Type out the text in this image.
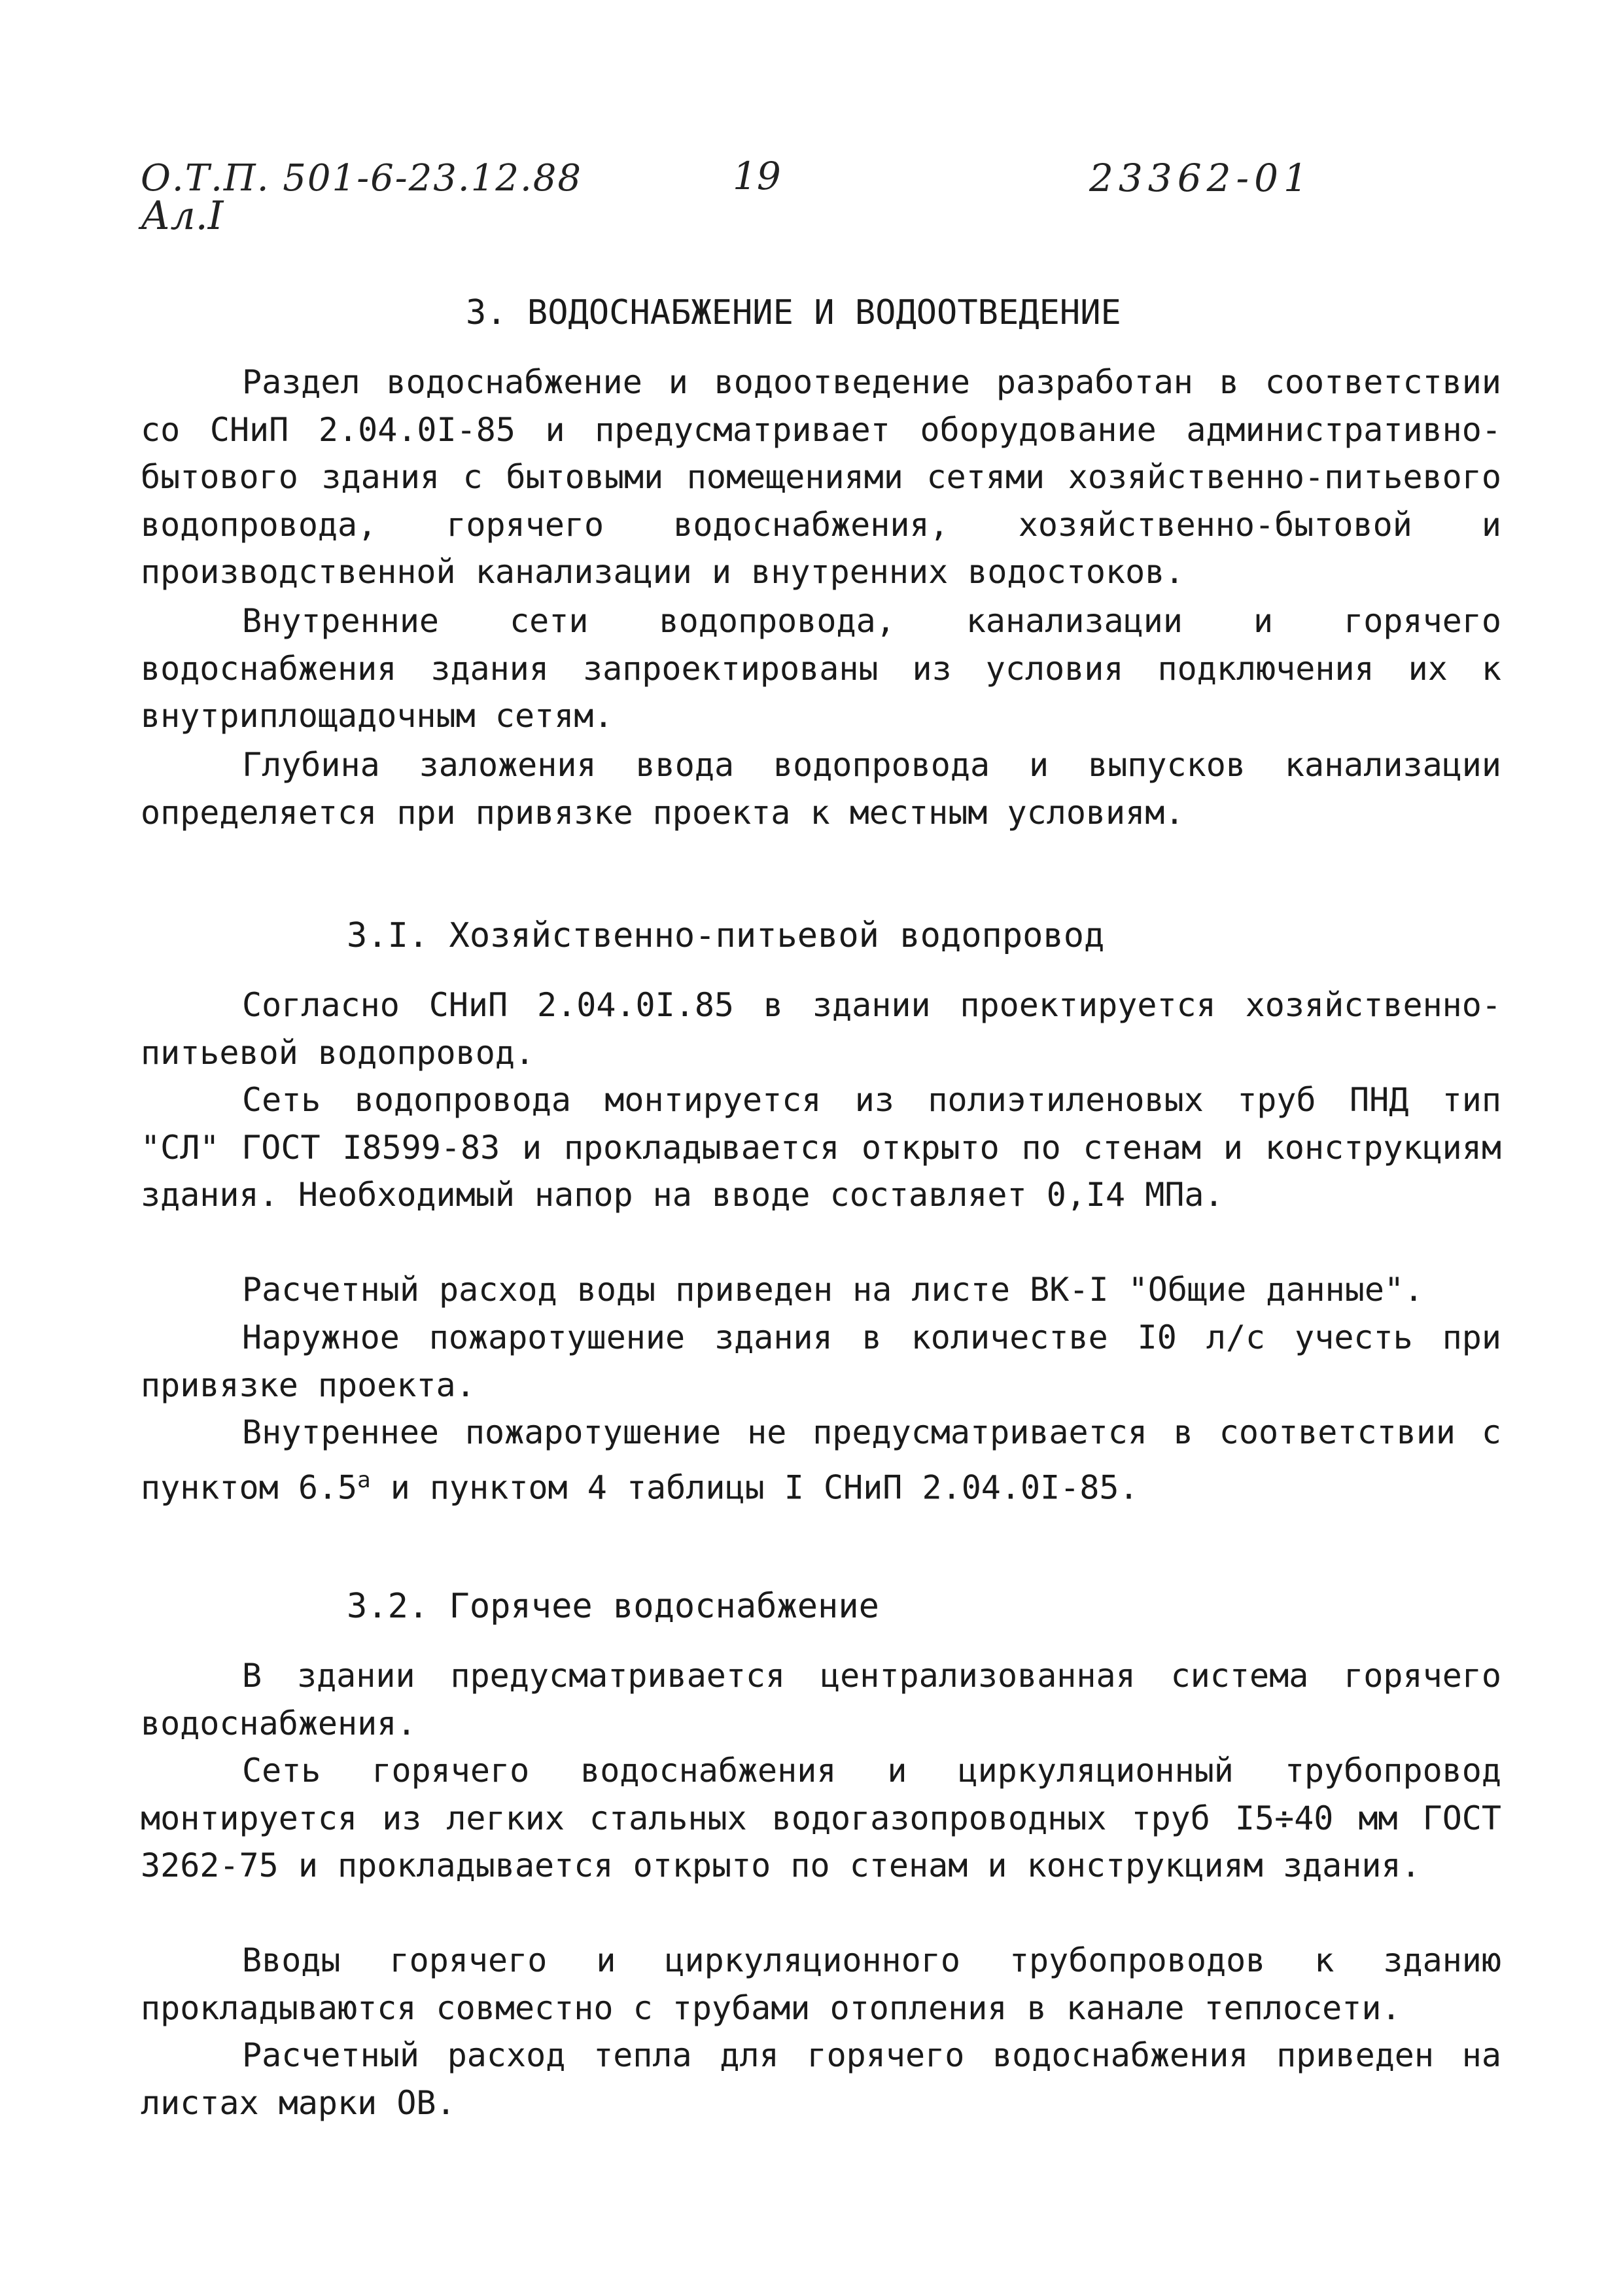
О.Т.П. 501-6-23.12.88
Ал.I
19	23362-01
3. ВОДОСНАБЖЕНИЕ И ВОДООТВЕДЕНИЕ

Раздел водоснабжение и водоотведение разработан в соответствии со СНиП 2.04.0I-85 и предусматривает оборудование административно-бытового здания с бытовыми помещениями сетями хозяйственно-питьевого водопровода, горячего водоснабжения, хозяйственно-бытовой и производственной канализации и внутренних водостоков.

Внутренние сети водопровода, канализации и горячего водоснабжения здания запроектированы из условия подключения их к внутриплощадочным сетям.

Глубина заложения ввода водопровода и выпусков канализации определяется при привязке проекта к местным условиям.

3.I. Хозяйственно-питьевой водопровод

Согласно СНиП 2.04.0I.85 в здании проектируется хозяйственно-питьевой водопровод.

Сеть водопровода монтируется из полиэтиленовых труб ПНД тип "СЛ" ГОСТ I8599-83 и прокладывается открыто по стенам и конструкциям здания. Необходимый напор на вводе составляет 0,I4 МПа.

Расчетный расход воды приведен на листе ВК-I "Общие данные".

Наружное пожаротушение здания в количестве I0 л/с учесть при привязке проекта.

Внутреннее пожаротушение не предусматривается в соответствии с пунктом $6.5^а$ и пунктом 4 таблицы I СНиП 2.04.0I-85.

3.2. Горячее водоснабжение

В здании предусматривается централизованная система горячего водоснабжения.

Сеть горячего водоснабжения и циркуляционный трубопровод монтируется из легких стальных водогазопроводных труб I5÷40 мм ГОСТ 3262-75 и прокладывается открыто по стенам и конструкциям здания.

Вводы горячего и циркуляционного трубопроводов к зданию прокладываются совместно с трубами отопления в канале теплосети.

Расчетный расход тепла для горячего водоснабжения приведен на листах марки ОВ.
